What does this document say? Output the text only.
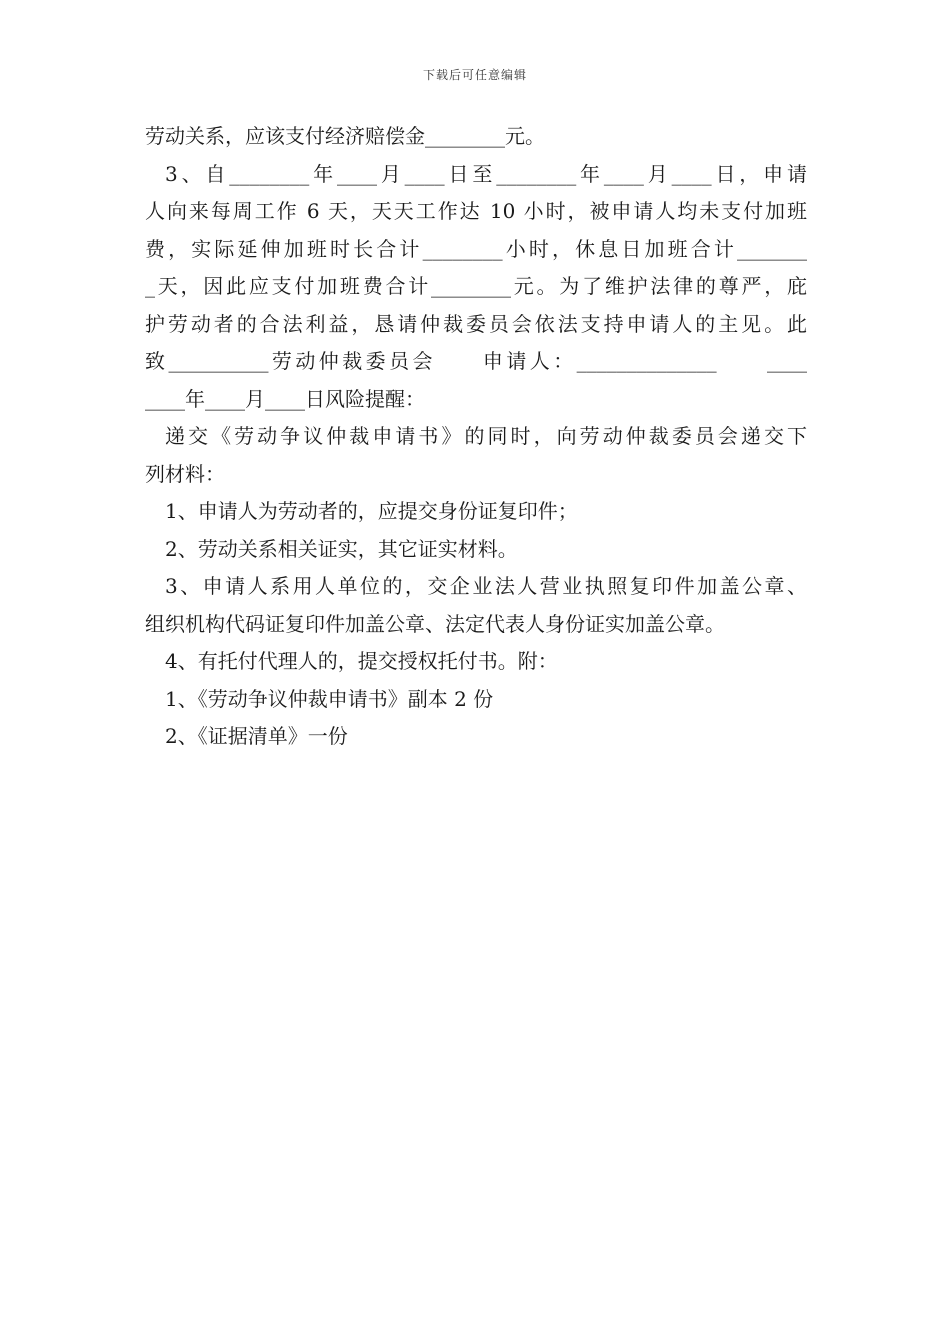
下载后可任意编辑
劳动关系，应该支付经济赔偿金________元。
3、自________年____月____日至________年____月____日，申请
人向来每周工作 6 天，天天工作达 10 小时，被申请人均未支付加班
费，实际延伸加班时长合计________小时，休息日加班合计_______
_天，因此应支付加班费合计________元。为了维护法律的尊严，庇
护劳动者的合法利益，恳请仲裁委员会依法支持申请人的主见。此
致__________劳动仲裁委员会　　申请人：______________　　____
____年____月____日风险提醒：
递交《劳动争议仲裁申请书》的同时，向劳动仲裁委员会递交下
列材料：
1、申请人为劳动者的，应提交身份证复印件；
2、劳动关系相关证实，其它证实材料。
3、申请人系用人单位的，交企业法人营业执照复印件加盖公章、
组织机构代码证复印件加盖公章、法定代表人身份证实加盖公章。
4、有托付代理人的，提交授权托付书。附：
1、《劳动争议仲裁申请书》副本 2 份
2、《证据清单》一份
